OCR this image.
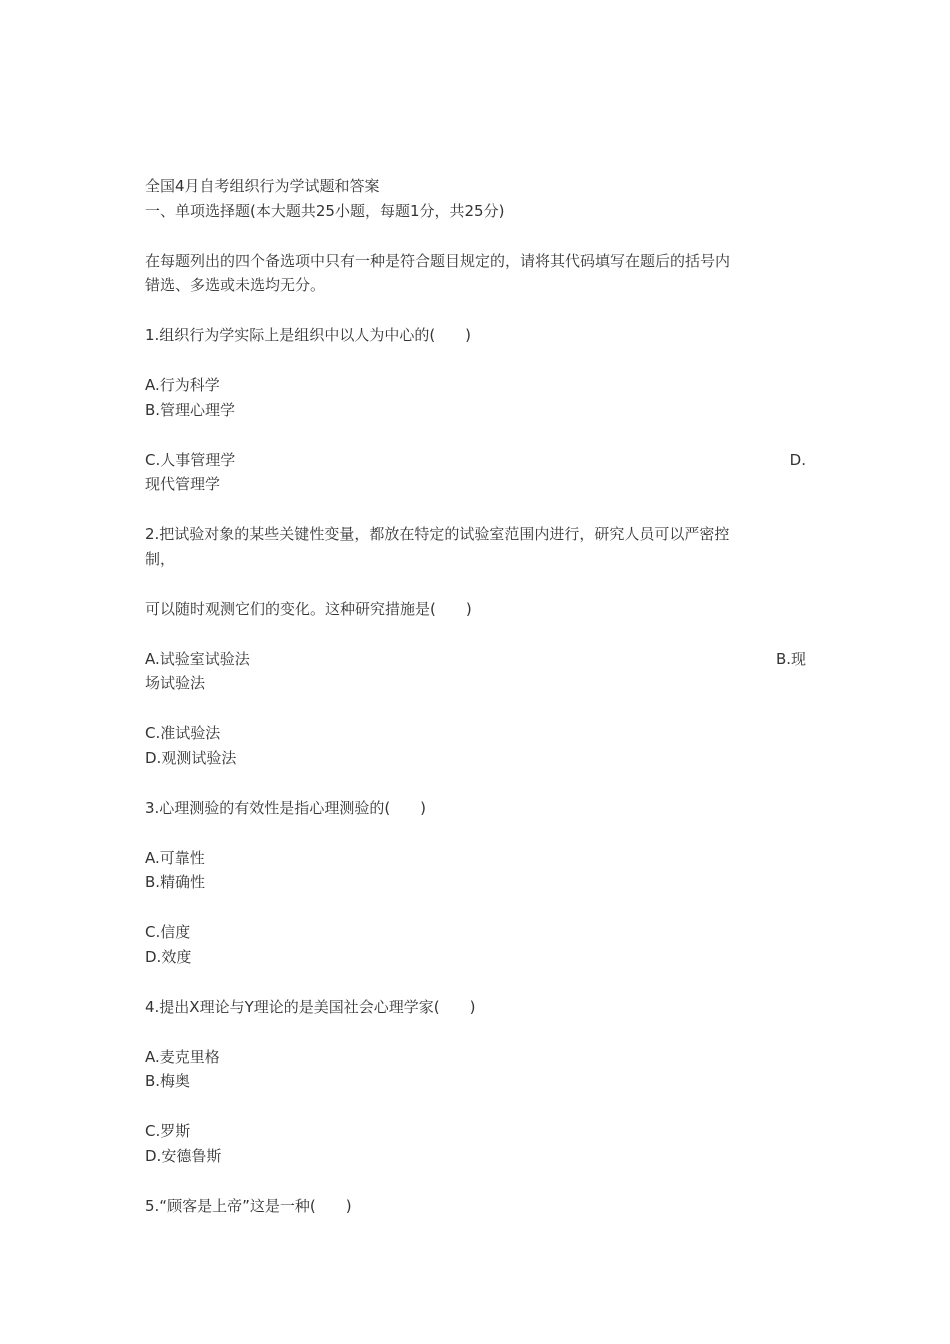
全国4月自考组织行为学试题和答案
一、单项选择题(本大题共25小题，每题1分，共25分)
在每题列出的四个备选项中只有一种是符合题目规定的，请将其代码填写在题后的括号内
错选、多选或未选均无分。
1.组织行为学实际上是组织中以人为中心的(　　)
A.行为科学
B.管理心理学
C.人事管理学	D.
现代管理学
2.把试验对象的某些关键性变量，都放在特定的试验室范围内进行，研究人员可以严密控
制，
可以随时观测它们的变化。这种研究措施是(　　)
A.试验室试验法	B.现
场试验法
C.准试验法
D.观测试验法
3.心理测验的有效性是指心理测验的(　　)
A.可靠性
B.精确性
C.信度
D.效度
4.提出X理论与Y理论的是美国社会心理学家(　　)
A.麦克里格
B.梅奥
C.罗斯
D.安德鲁斯
5.“顾客是上帝”这是一种(　　)
